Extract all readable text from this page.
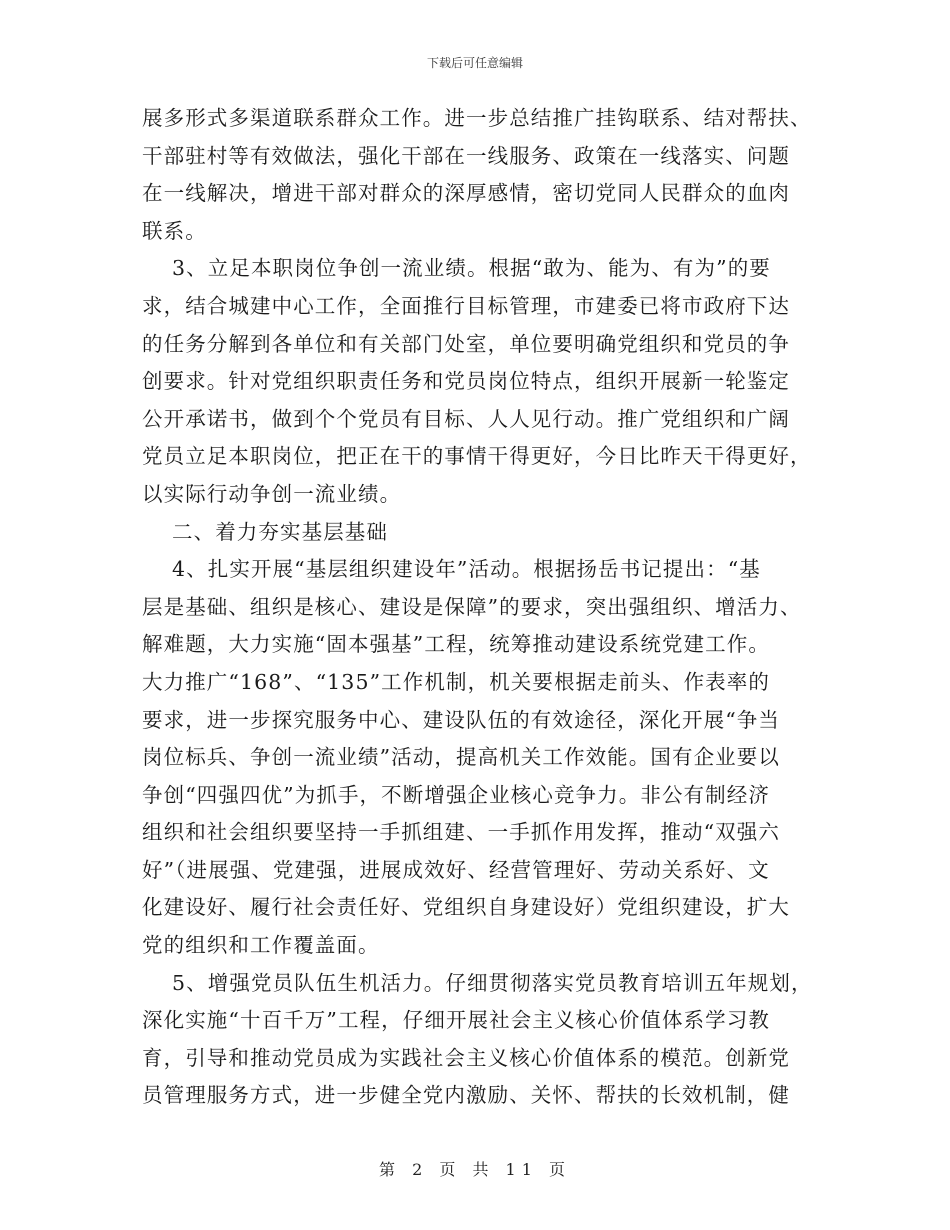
下载后可任意编辑
展多形式多渠道联系群众工作。进一步总结推广挂钩联系、结对帮扶、
干部驻村等有效做法，强化干部在一线服务、政策在一线落实、问题
在一线解决，增进干部对群众的深厚感情，密切党同人民群众的血肉
联系。
3、立足本职岗位争创一流业绩。根据“敢为、能为、有为”的要
求，结合城建中心工作，全面推行目标管理，市建委已将市政府下达
的任务分解到各单位和有关部门处室，单位要明确党组织和党员的争
创要求。针对党组织职责任务和党员岗位特点，组织开展新一轮鉴定
公开承诺书，做到个个党员有目标、人人见行动。推广党组织和广阔
党员立足本职岗位，把正在干的事情干得更好，今日比昨天干得更好，
以实际行动争创一流业绩。
二、着力夯实基层基础
4、扎实开展“基层组织建设年”活动。根据扬岳书记提出：“基
层是基础、组织是核心、建设是保障”的要求，突出强组织、增活力、
解难题，大力实施“固本强基”工程，统筹推动建设系统党建工作。
大力推广“168”、“135”工作机制，机关要根据走前头、作表率的
要求，进一步探究服务中心、建设队伍的有效途径，深化开展“争当
岗位标兵、争创一流业绩”活动，提高机关工作效能。国有企业要以
争创“四强四优”为抓手，不断增强企业核心竞争力。非公有制经济
组织和社会组织要坚持一手抓组建、一手抓作用发挥，推动“双强六
好”（进展强、党建强，进展成效好、经营管理好、劳动关系好、文
化建设好、履行社会责任好、党组织自身建设好）党组织建设，扩大
党的组织和工作覆盖面。
5、增强党员队伍生机活力。仔细贯彻落实党员教育培训五年规划，
深化实施“十百千万”工程，仔细开展社会主义核心价值体系学习教
育，引导和推动党员成为实践社会主义核心价值体系的模范。创新党
员管理服务方式，进一步健全党内激励、关怀、帮扶的长效机制，健
第 2 页 共 11 页
